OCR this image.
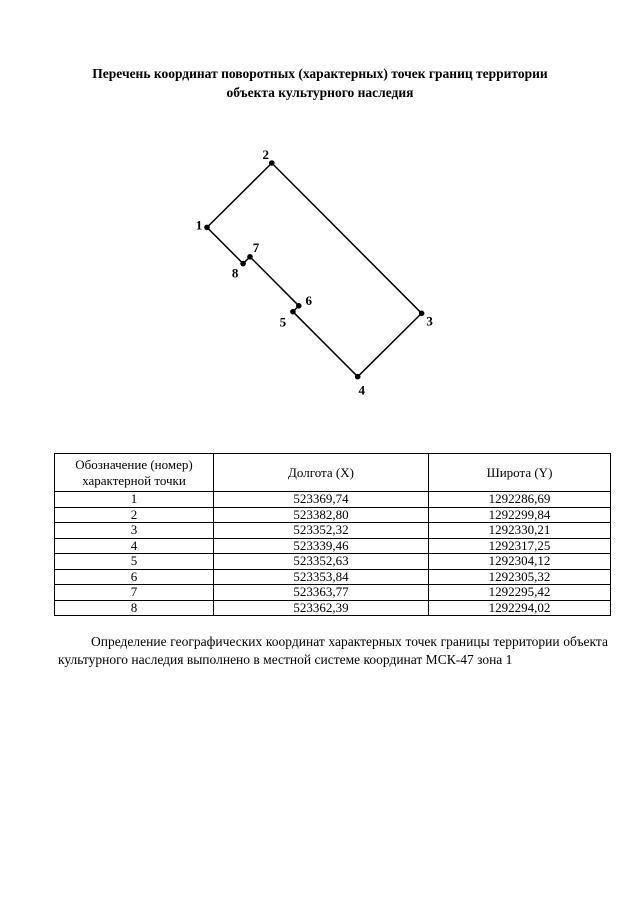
Перечень координат поворотных (характерных) точек границ территории
объекта культурного наследия
1
2
3
4
5
6
7
8
Обозначение (номер) характерной точки	Долгота (X)	Широта (Y)
1	523369,74	1292286,69
2	523382,80	1292299,84
3	523352,32	1292330,21
4	523339,46	1292317,25
5	523352,63	1292304,12
6	523353,84	1292305,32
7	523363,77	1292295,42
8	523362,39	1292294,02

Определение географических координат характерных точек границы территории объекта культурного наследия выполнено в местной системе координат МСК-47 зона 1
